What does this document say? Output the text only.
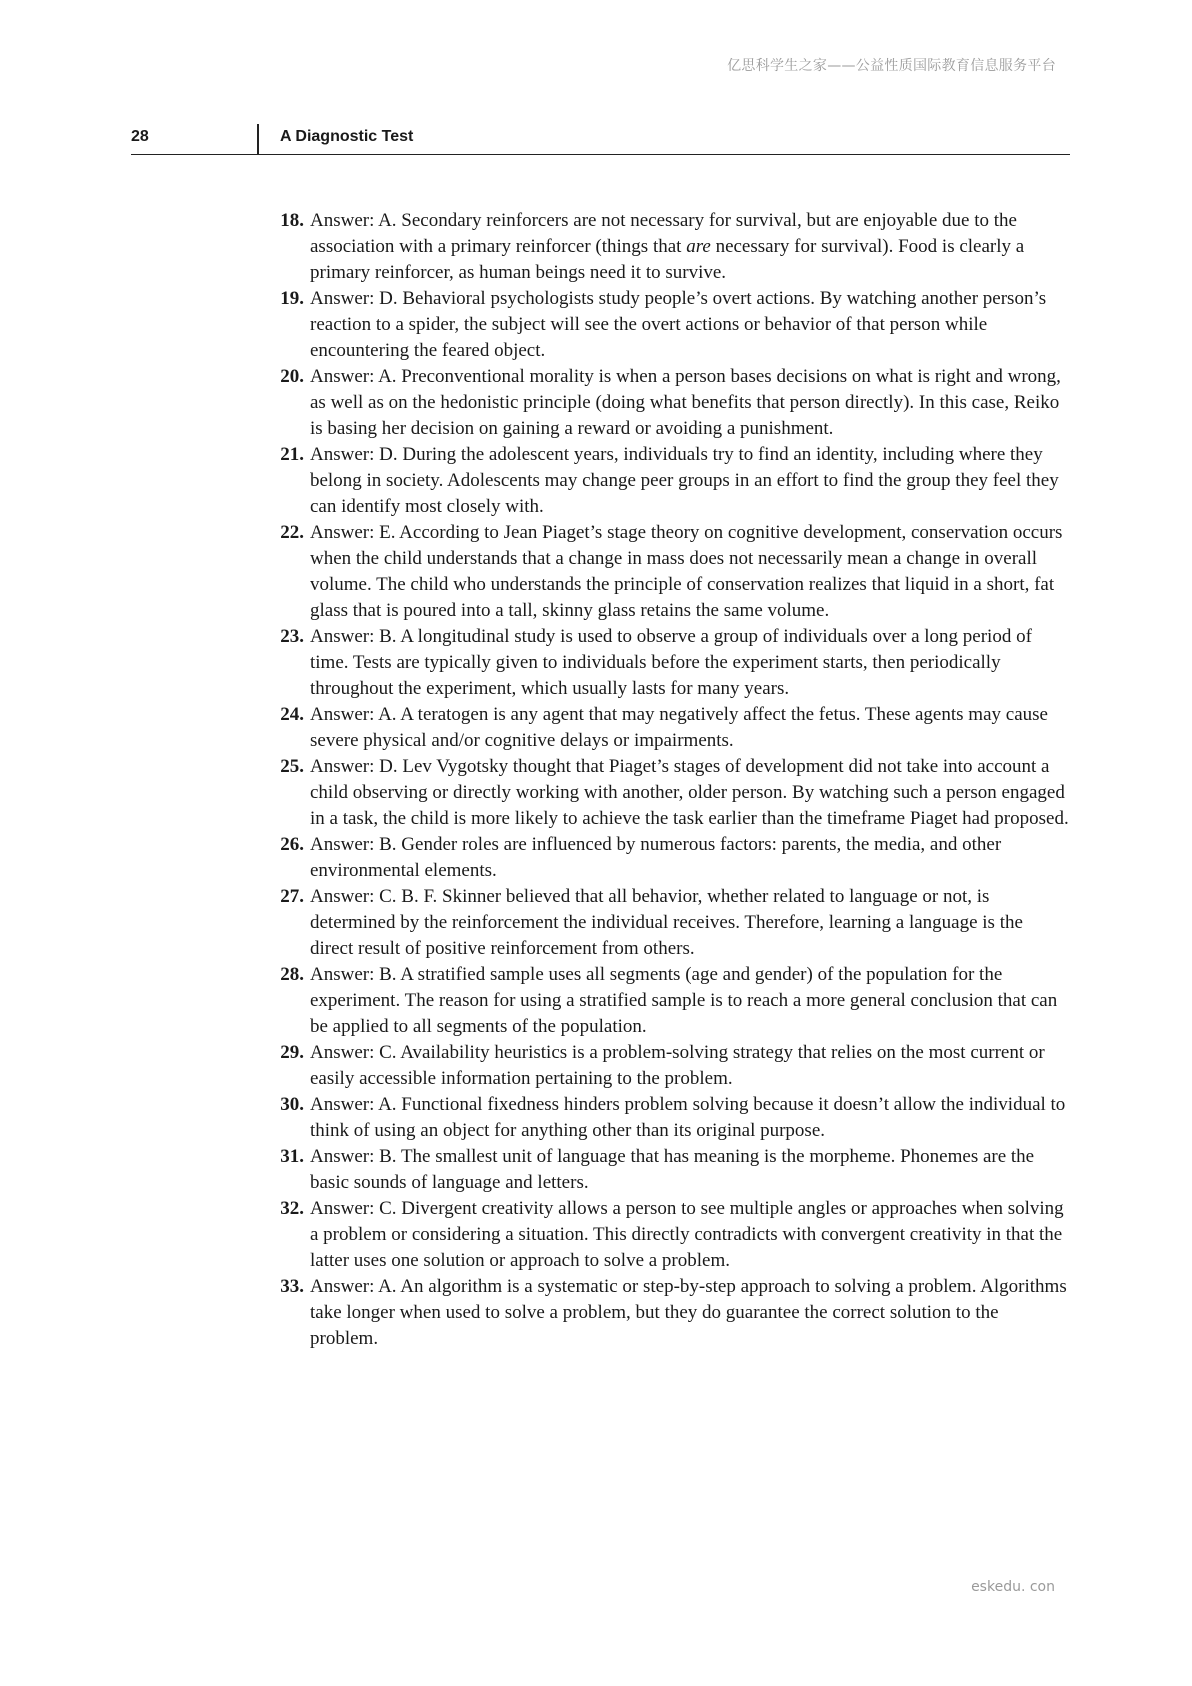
亿思科学生之家——公益性质国际教育信息服务平台
28	A Diagnostic Test
18. Answer: A. Secondary reinforcers are not necessary for survival, but are enjoyable due to the association with a primary reinforcer (things that are necessary for survival). Food is clearly a primary reinforcer, as human beings need it to survive.
19. Answer: D. Behavioral psychologists study people’s overt actions. By watching another person’s reaction to a spider, the subject will see the overt actions or behavior of that person while encountering the feared object.
20. Answer: A. Preconventional morality is when a person bases decisions on what is right and wrong, as well as on the hedonistic principle (doing what benefits that person directly). In this case, Reiko is basing her decision on gaining a reward or avoiding a punishment.
21. Answer: D. During the adolescent years, individuals try to find an identity, including where they belong in society. Adolescents may change peer groups in an effort to find the group they feel they can identify most closely with.
22. Answer: E. According to Jean Piaget’s stage theory on cognitive development, conservation occurs when the child understands that a change in mass does not necessarily mean a change in overall volume. The child who understands the principle of conservation realizes that liquid in a short, fat glass that is poured into a tall, skinny glass retains the same volume.
23. Answer: B. A longitudinal study is used to observe a group of individuals over a long period of time. Tests are typically given to individuals before the experiment starts, then periodically throughout the experiment, which usually lasts for many years.
24. Answer: A. A teratogen is any agent that may negatively affect the fetus. These agents may cause severe physical and/or cognitive delays or impairments.
25. Answer: D. Lev Vygotsky thought that Piaget’s stages of development did not take into account a child observing or directly working with another, older person. By watching such a person engaged in a task, the child is more likely to achieve the task earlier than the timeframe Piaget had proposed.
26. Answer: B. Gender roles are influenced by numerous factors: parents, the media, and other environmental elements.
27. Answer: C. B. F. Skinner believed that all behavior, whether related to language or not, is determined by the reinforcement the individual receives. Therefore, learning a language is the direct result of positive reinforcement from others.
28. Answer: B. A stratified sample uses all segments (age and gender) of the population for the experiment. The reason for using a stratified sample is to reach a more general conclusion that can be applied to all segments of the population.
29. Answer: C. Availability heuristics is a problem-solving strategy that relies on the most current or easily accessible information pertaining to the problem.
30. Answer: A. Functional fixedness hinders problem solving because it doesn’t allow the individual to think of using an object for anything other than its original purpose.
31. Answer: B. The smallest unit of language that has meaning is the morpheme. Phonemes are the basic sounds of language and letters.
32. Answer: C. Divergent creativity allows a person to see multiple angles or approaches when solving a problem or considering a situation. This directly contradicts with convergent creativity in that the latter uses one solution or approach to solve a problem.
33. Answer: A. An algorithm is a systematic or step-by-step approach to solving a problem. Algorithms take longer when used to solve a problem, but they do guarantee the correct solution to the problem.
eskedu. con
